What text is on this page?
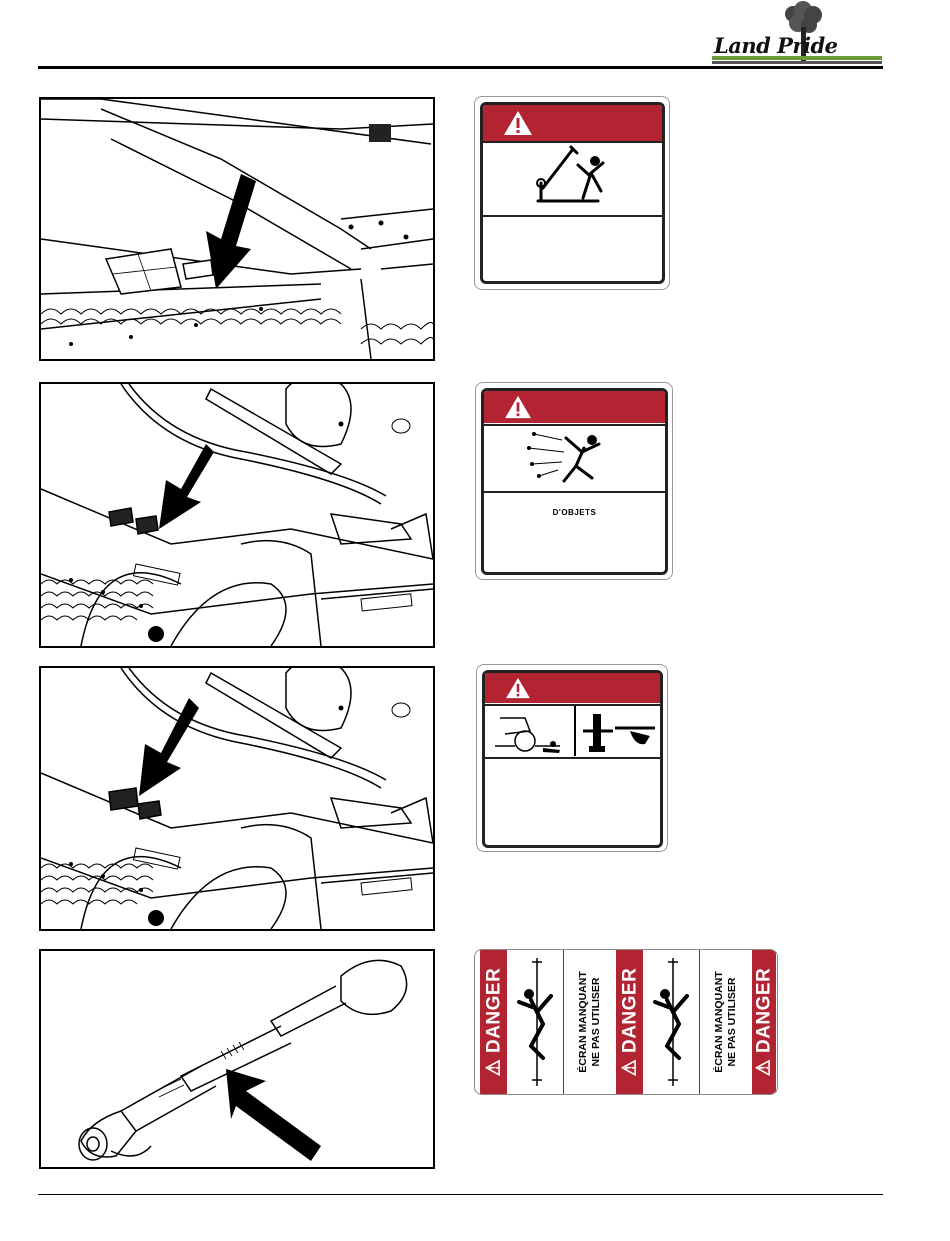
Land Pride
D'OBJETS
⚠ DANGER	ÉCRAN MANQUANT NE PAS UTILISER ⚠ DANGER	ÉCRAN MANQUANT NE PAS UTILISER ⚠ DANGER
